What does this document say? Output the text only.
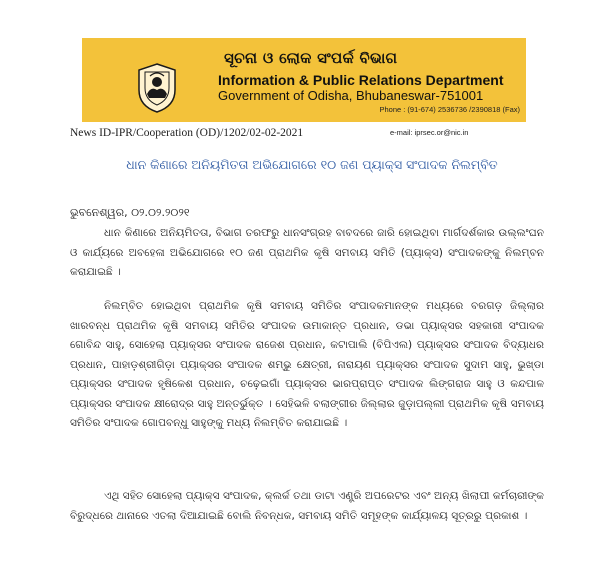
ସୂଚନା ଓ ଲୋକ ସଂପର୍କ ବିଭାଗ
Information & Public Relations Department
Government of Odisha, Bhubaneswar-751001
Phone : (91-674) 2536736 /2390818 (Fax)
e-mail: iprsec.or@nic.in
News ID-IPR/Cooperation (OD)/1202/02-02-2021
ଧାନ କିଣାରେ ଅନିୟମିତତା ଅଭିଯୋଗରେ ୧୦ ଜଣ ପ୍ୟାକ୍ସ ସଂପାଦକ ନିଲମ୍ବିତ
ଭୁବନେଶ୍ୱର, ୦୨.୦୨.୨୦୨୧
ଧାନ କିଣାରେ ଅନିୟମିତତା, ବିଭାଗ ତରଫରୁ ଧାନସଂଗ୍ରହ ବାବଦରେ ଜାରି ହୋଇଥିବା ମାର୍ଗଦର୍ଶକାର ଉଲ୍ଲଂଘନ ଓ କାର୍ଯ୍ୟରେ ଅବହେଳା ଅଭିଯୋଗରେ ୧୦ ଜଣ ପ୍ରାଥମିକ କୃଷି ସମବାୟ ସମିତି (ପ୍ୟାକ୍ସ) ସଂପାଦକଙ୍କୁ ନିଲମ୍ବନ କରାଯାଇଛି ।
ନିଲମ୍ବିତ ହୋଇଥିବା ପ୍ରାଥମିକ କୃଷି ସମବାୟ ସମିତିର ସଂପାଦକମାନଙ୍କ ମଧ୍ୟରେ ବରଗଡ଼ ଜିଲ୍ଲାର ଖାରବନ୍ଧ ପ୍ରାଥମିକ କୃଷି ସମବାୟ ସମିତିର ସଂପାଦକ ଉମାକାନ୍ତ ପ୍ରଧାନ, ଡଭା ପ୍ୟାକ୍ସର ସହକାରୀ ସଂପାଦକ ଗୋବିନ୍ଦ ସାହୁ, ସୋହେଲା ପ୍ୟାକ୍ସର ସଂପାଦକ ରାଜେଶ ପ୍ରଧାନ, କଟାପାଲି (ବିପିଏଲ) ପ୍ୟାକ୍ସର ସଂପାଦକ ବିଦ୍ୟାଧର ପ୍ରଧାନ, ପାହାଡ଼ଶ୍ରୀଗିଡ଼ା ପ୍ୟାକ୍ସର ସଂପାଦକ ଶମ୍ଭୁ କ୍ଷେତ୍ରୀ, ନାରାୟଣ ପ୍ୟାକ୍ସର ସଂପାଦକ ସୁଦାମ ସାହୁ, ଭୁଖ୍ଡା ପ୍ୟାକ୍ସର ସଂପାଦକ ହୃଷିକେଶ ପ୍ରଧାନ, ଚଢ଼େଇଗାଁ ପ୍ୟାକ୍ସର ଭାରପ୍ରାପ୍ତ ସଂପାଦକ ଲିଙ୍ଗରାଜ ସାହୁ ଓ କନ୍ଦପାଳ ପ୍ୟାକ୍ସର ସଂପାଦକ କ୍ଷୀରୋଦ୍ର ସାହୁ ଅନ୍ତର୍ଭୁକ୍ତ । ସେହିଭଳି ବଲାଙ୍ଗୀର ଜିଲ୍ଲାର ଜୁଡ଼ାପଲ୍ଲୀ ପ୍ରାଥମିକ କୃଷି ସମବାୟ ସମିତିର ସଂପାଦକ ଗୋପବନ୍ଧୁ ସାହୁଙ୍କୁ ମଧ୍ୟ ନିଲମ୍ବିତ କରାଯାଇଛି ।
ଏଥି ସହିତ ସୋହେଲା ପ୍ୟାକ୍ସ ସଂପାଦକ, କ୍ଲର୍କ ତଥା ଡାଟା ଏଣ୍ଟ୍ରି ଅପରେଟର ଏବଂ ଅନ୍ୟ ଖିଲାପୀ କର୍ମଚାରୀଙ୍କ ବିରୁଦ୍ଧରେ ଥାନାରେ ଏତଲା ଦିଆଯାଇଛି ବୋଲି ନିବନ୍ଧକ, ସମବାୟ ସମିତି ସମୂହଙ୍କ କାର୍ଯ୍ୟାଳୟ ସୂତ୍ରରୁ ପ୍ରକାଶ ।
